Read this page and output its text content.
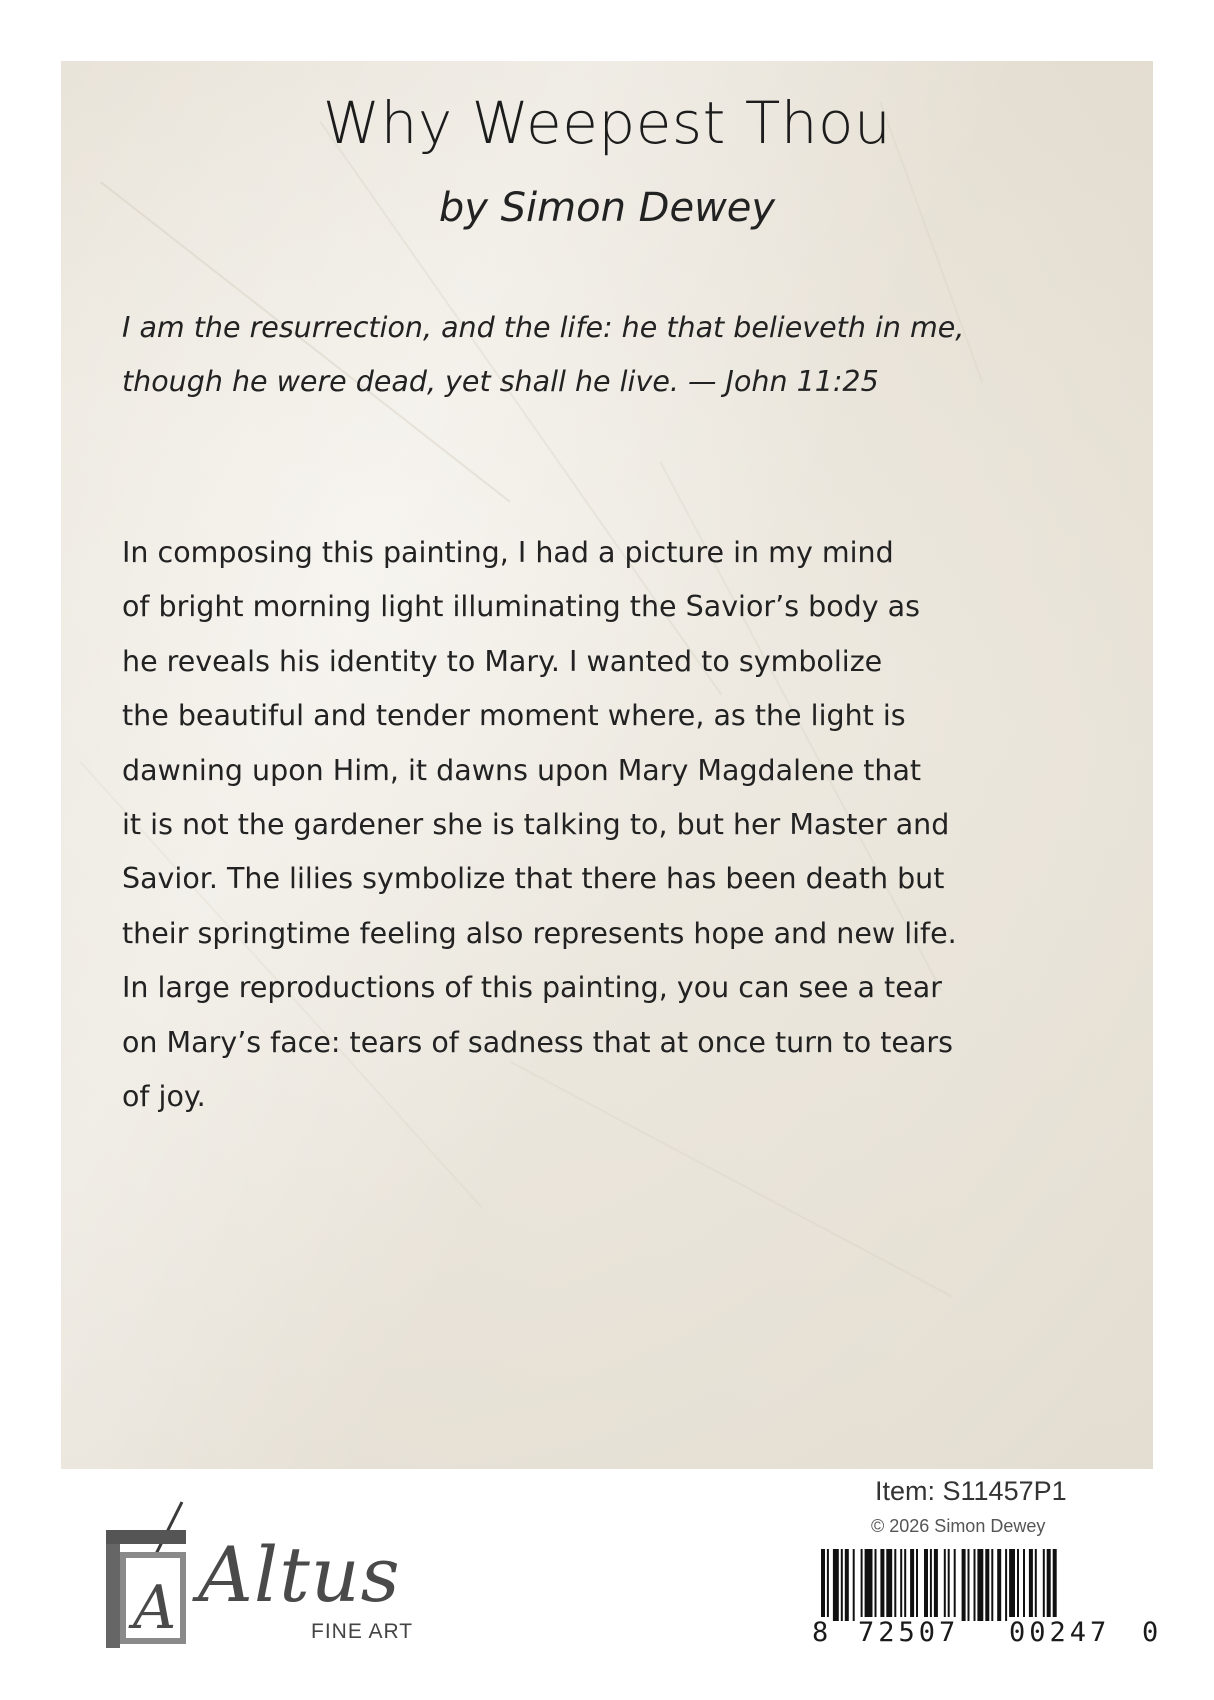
Why Weepest Thou
by Simon Dewey
I am the resurrection, and the life: he that believeth in me,
though he were dead, yet shall he live. — John 11:25
In composing this painting, I had a picture in my mind
of bright morning light illuminating the Savior’s body as
he reveals his identity to Mary. I wanted to symbolize
the beautiful and tender moment where, as the light is
dawning upon Him, it dawns upon Mary Magdalene that
it is not the gardener she is talking to, but her Master and
Savior. The lilies symbolize that there has been death but
their springtime feeling also represents hope and new life.
In large reproductions of this painting, you can see a tear
on Mary’s face: tears of sadness that at once turn to tears
of joy.
A Altus
FINE ART
Item: S11457P1
© 2026 Simon Dewey
8 72507 00247 0
